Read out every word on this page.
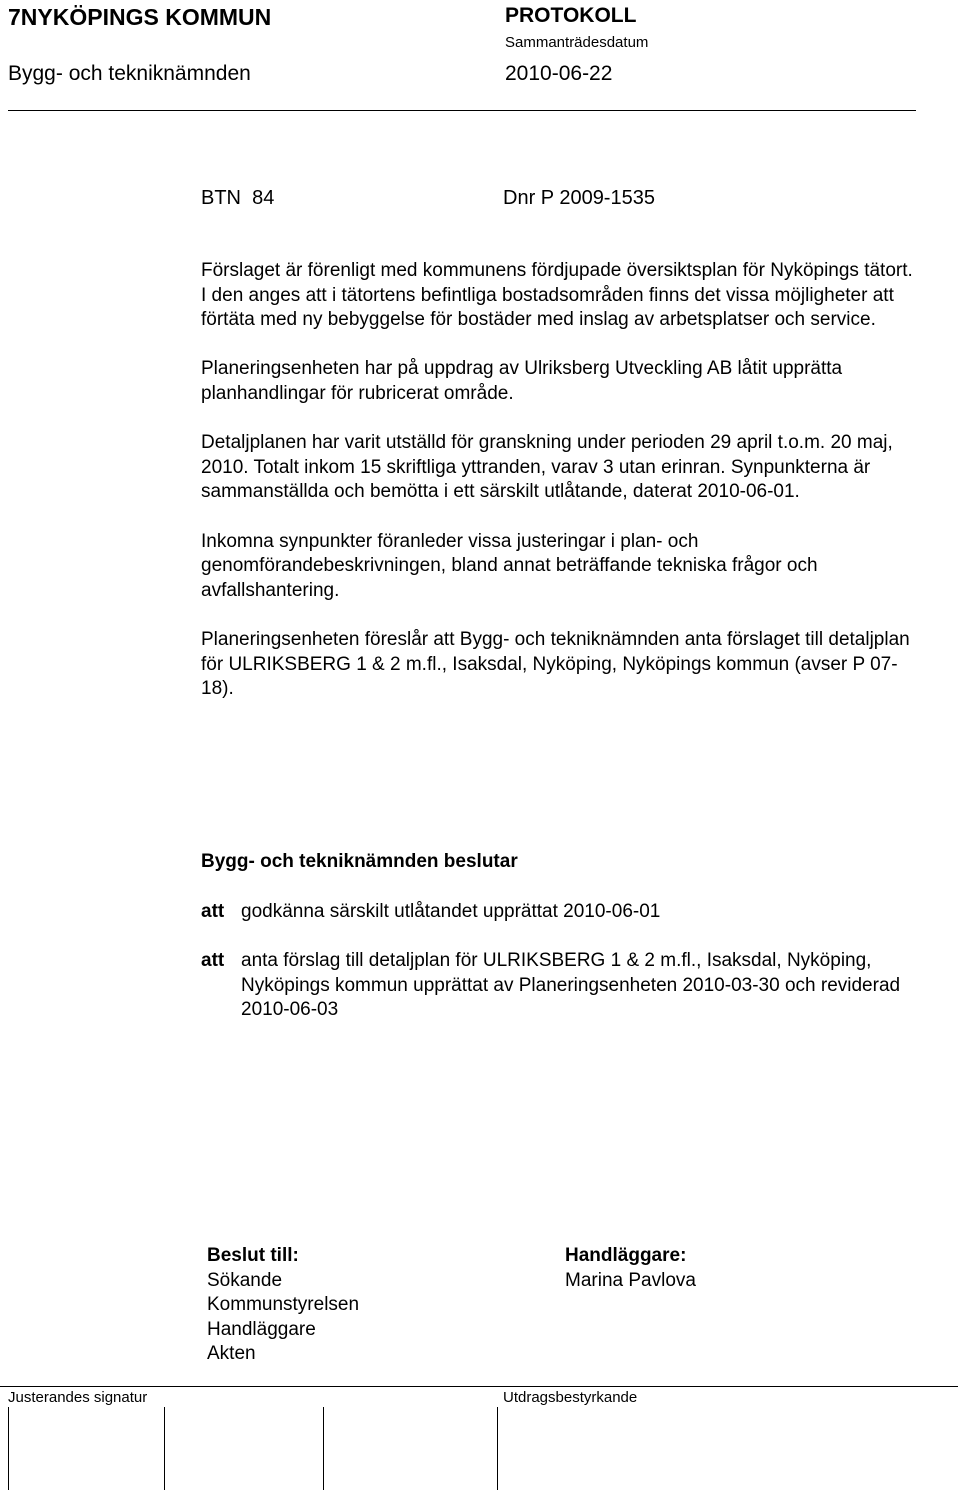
7NYKÖPINGS KOMMUN	PROTOKOLL
Sammanträdesdatum
Bygg- och tekniknämnden	2010-06-22
BTN  84	Dnr P 2009-1535

Förslaget är förenligt med kommunens fördjupade översiktsplan för Nyköpings tätort. I den anges att i tätortens befintliga bostadsområden finns det vissa möjligheter att förtäta med ny bebyggelse för bostäder med inslag av arbetsplatser och service.

Planeringsenheten har på uppdrag av Ulriksberg Utveckling AB låtit upprätta planhandlingar för rubricerat område.

Detaljplanen har varit utställd för granskning under perioden 29 april t.o.m. 20 maj, 2010. Totalt inkom 15 skriftliga yttranden, varav 3 utan erinran. Synpunkterna är sammanställda och bemötta i ett särskilt utlåtande, daterat 2010-06-01.

Inkomna synpunkter föranleder vissa justeringar i plan- och genomförandebeskrivningen, bland annat beträffande tekniska frågor och avfallshantering.

Planeringsenheten föreslår att Bygg- och tekniknämnden anta förslaget till detaljplan för ULRIKSBERG 1 & 2 m.fl., Isaksdal, Nyköping, Nyköpings kommun (avser P 07-18).

Bygg- och tekniknämnden beslutar
att godkänna särskilt utlåtandet upprättat 2010-06-01
att anta förslag till detaljplan för ULRIKSBERG 1 & 2 m.fl., Isaksdal, Nyköping, Nyköpings kommun upprättat av Planeringsenheten 2010-03-30 och reviderad 2010-06-03
Beslut till:
Sökande
Kommunstyrelsen
Handläggare
Akten
Handläggare:
Marina Pavlova
Justerandes signatur	Utdragsbestyrkande
